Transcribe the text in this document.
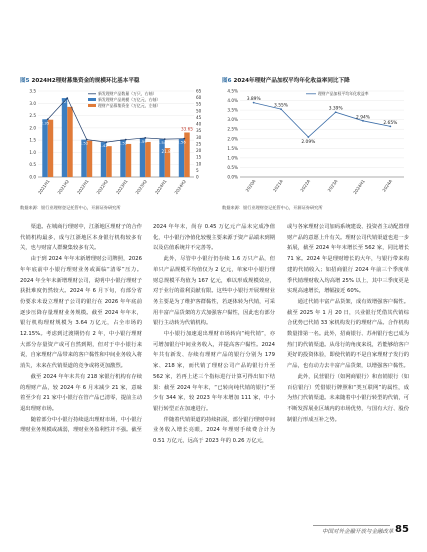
图5 2024H2理财募集资金的规模环比基本平稳
0.0
0.5
1.0
1.5
2.0
2.5
3.0
3.5
0
5
10
15
20
25
30
35
40
45
50
55
60
65
2.35
2021H1
3.21
2021H2
1.52
2022H1
1.42
2022H2
1.52
2023H1
1.59
2023H2
1.54
2024H1
1.56
2024H2
33.65
21.84
新发理财产品数量（万只，右轴）
新发理财产品规模（万亿元，右轴）
理财产品募集资金（万亿元，左轴）
数据来源：银行业理财登记托管中心，开源证券研究所
图6 2024年理财产品加权平均年化收益率同比下降
0.0%
0.5%
1.0%
1.5%
2.0%
2.5%
3.0%
3.5%
4.0%
4.5%
3.89%
3.55%
2.09%
3.39%
2.94%
2.65%
2020A	2021A	2022A	2023A	2024H1	2024A
理财产品加权平均年化收益率
数据来源：银行业理财登记托管中心，开源证券研究所

渠道。在城商行理财中，江浙地区理财子的合作代销机构最多，成与江浙地区本身银行机构较多有关，也与财富人群聚集较多有关。

由于到 2024 年年末新增理财公司牌照，2026 年年底前中小银行理财业务或面临“清零”压力。2024 年全年未新增理财公司，说明中小银行理财子获批难度仍然较大。2024 年 6 月下旬，有部分省份要求未设立理财子公司的银行在 2026 年年底前逐步压降存量理财业务规模。截至 2024 年年末，银行机构理财规模为 3.64 万亿元，占全市场的 12.15%。考虑到过渡期仍有 2 年，中小银行理财大部分存量资产或可自然到期，但对于中小银行来说，自家理财产品带来的客户黏性和中间业务收入将消失，未来在代销渠道的竞争或将更加激烈。

截至 2024 年年末共有 218 家银行机构有存续的理财产品，较 2024 年 6 月末减少 21 家，意味着至少有 21 家中小银行在管产品已清零，提前主动退出理财市场。

随着部分中小银行持续退出理财市场，中小银行理财业务规模或减弱，理财业务盈利性并不强。截至

2024 年年末，尚存 0.45 万亿元产品未完成净值化，中小银行净值化较慢主要来源于资产品端未到期以及估值系统并不完善等。

此外，尽管中小银行仍存续 1.6 万只产品，但单只产品规模平均值仅为 2 亿元，单家中小银行理财总规模平均值为 167 亿元，难以形成规模效应，对于业行的盈利贡献有限。这些中小银行开展理财业务主要是为了维护客群黏性，若逐体转为代销，可采用丰富产品货架的方式加强客户黏性，因此也有部分银行主动转为代销机构。

中小银行加速退出理财市场转向“纯代销”，亦可增加银行中间业务收入，并提高客户黏性。2024 年共有新发、存续有理财产品的银行分别为 179 家、218 家，而代销了理财公司产品的银行升至 562 家，若再上述三个指标进行计算可得出如下结果：截至 2024 年年末，“已转向纯代销的银行”至少有 344 家，较 2023 年年末增加 111 家，中小银行转型正在加速进行。

伴随着代销渠道的持续拓展，部分银行理财中间业务收入增长亮眼。2024 年理财手续费合计为 0.51 万亿元，远高于 2023 年的 0.26 万亿元，

或与各家理财公司加码系统建设、投资者主动配置理财产品的意愿上升有关。理财公司代销渠道也进一步拓展，截至 2024 年年末增长至 562 家，同比增长 71 家。2024 年是理财增长的大年，与银行带来构建的代销收入；如招商银行 2024 年前三个季度单季代销理财收入均高增 25% 以上，其中三季度更是实现高速增长，增幅接近 60%。

通过代销丰富产品货架，成有效增强客户黏性。截至 2025 年 1 月 20 日，兴业银行凭借其代销综合优势已代销 33 家机构发行的理财产品。合作机构数量排第一名。此外，招商银行、苏州银行也已成为热门的代销渠道。从母行的角度来说，若能够给客户更好的投资体验，即使代销的不是自家理财子发行的产品，也有动力去丰富产品货架，以增强客户黏性。

此外，民营银行（如网商银行）和直销银行（如百信银行）凭借银行牌照和“类互联网”的属性，成为热门代销渠道。未来随着中小银行转型的代销，可不断发挥展业区域内的市场优势，与国有大行、股份制银行形成互补之势。

中国对外金融开放与金融改革 85
